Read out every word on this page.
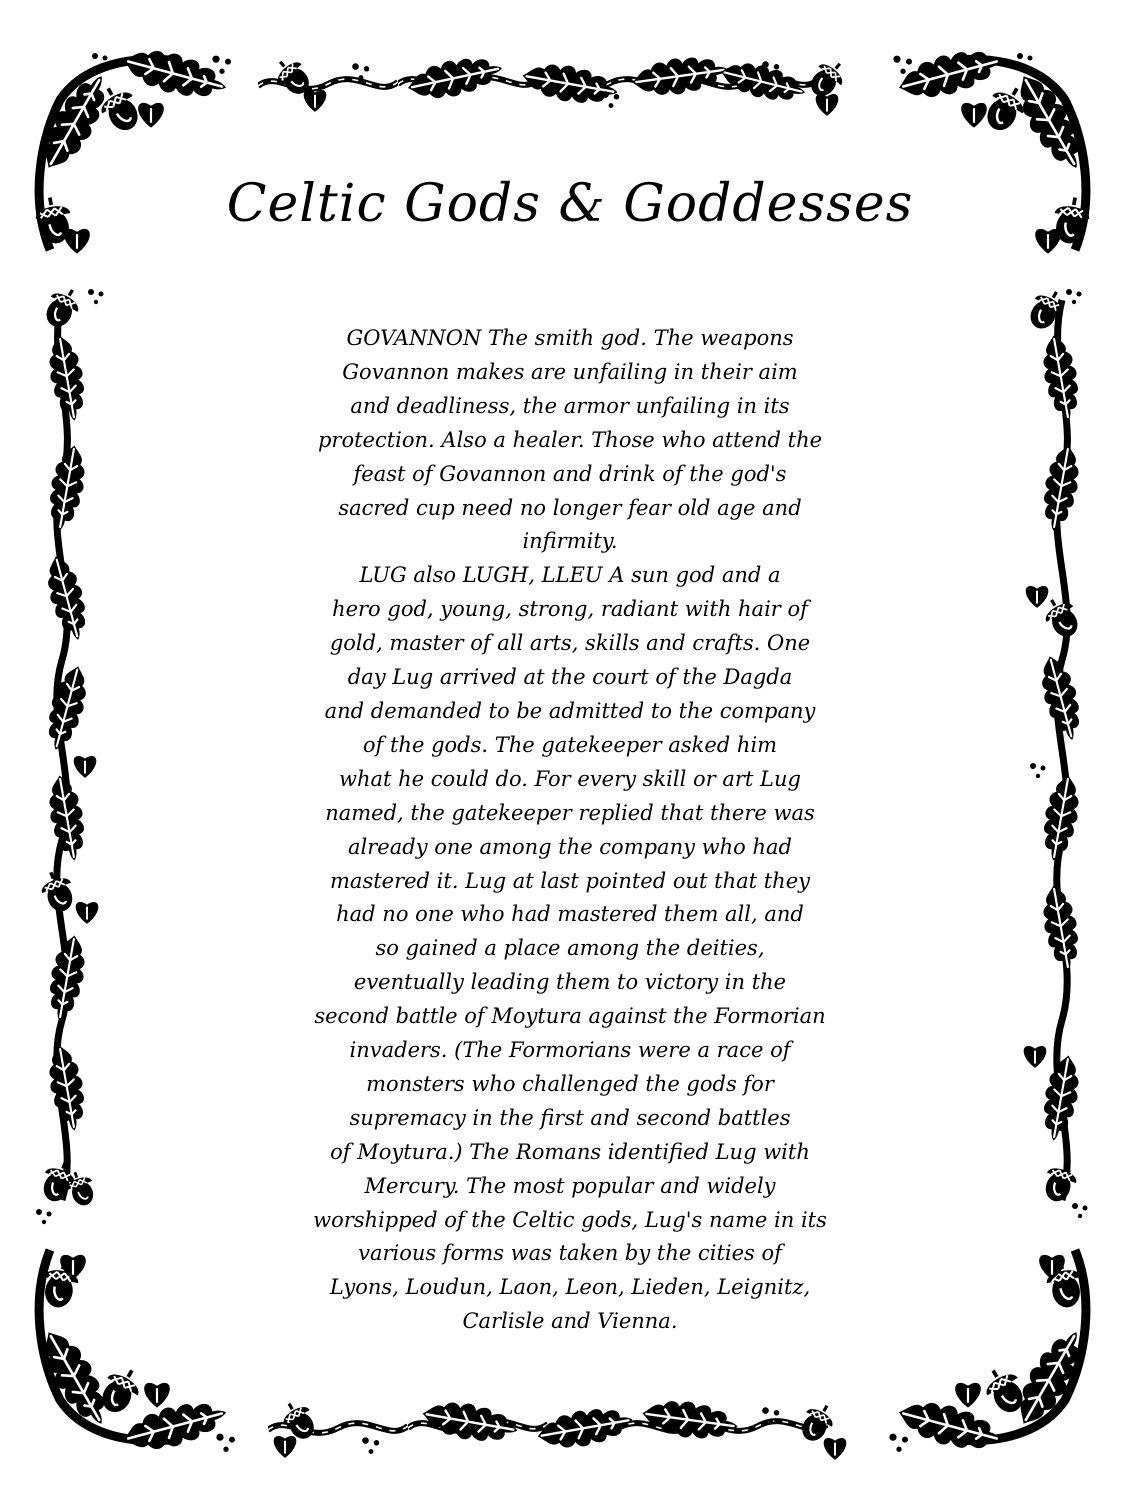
Celtic Gods & Goddesses
GOVANNON The smith god. The weapons
Govannon makes are unfailing in their aim
and deadliness, the armor unfailing in its
protection. Also a healer. Those who attend the
feast of Govannon and drink of the god's
sacred cup need no longer fear old age and
infirmity.
LUG also LUGH, LLEU A sun god and a
hero god, young, strong, radiant with hair of
gold, master of all arts, skills and crafts. One
day Lug arrived at the court of the Dagda
and demanded to be admitted to the company
of the gods. The gatekeeper asked him
what he could do. For every skill or art Lug
named, the gatekeeper replied that there was
already one among the company who had
mastered it. Lug at last pointed out that they
had no one who had mastered them all, and
so gained a place among the deities,
eventually leading them to victory in the
second battle of Moytura against the Formorian
invaders. (The Formorians were a race of
monsters who challenged the gods for
supremacy in the first and second battles
of Moytura.) The Romans identified Lug with
Mercury. The most popular and widely
worshipped of the Celtic gods, Lug's name in its
various forms was taken by the cities of
Lyons, Loudun, Laon, Leon, Lieden, Leignitz,
Carlisle and Vienna.
